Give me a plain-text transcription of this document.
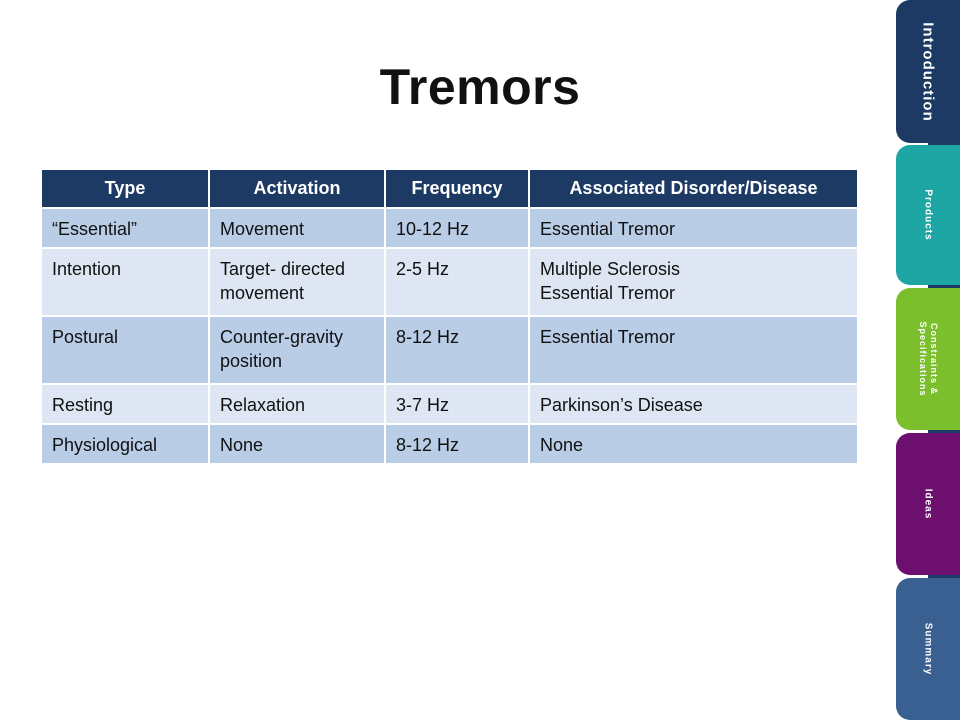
Tremors
Type	Activation	Frequency	Associated Disorder/Disease
“Essential”	Movement	10-12 Hz	Essential Tremor
Intention	Target- directed movement	2-5 Hz	Multiple Sclerosis
Essential Tremor
Postural	Counter-gravity position	8-12 Hz	Essential Tremor
Resting	Relaxation	3-7 Hz	Parkinson’s Disease
Physiological	None	8-12 Hz	None
Introduction
Products
Constraints & Specifications
Ideas
Summary
